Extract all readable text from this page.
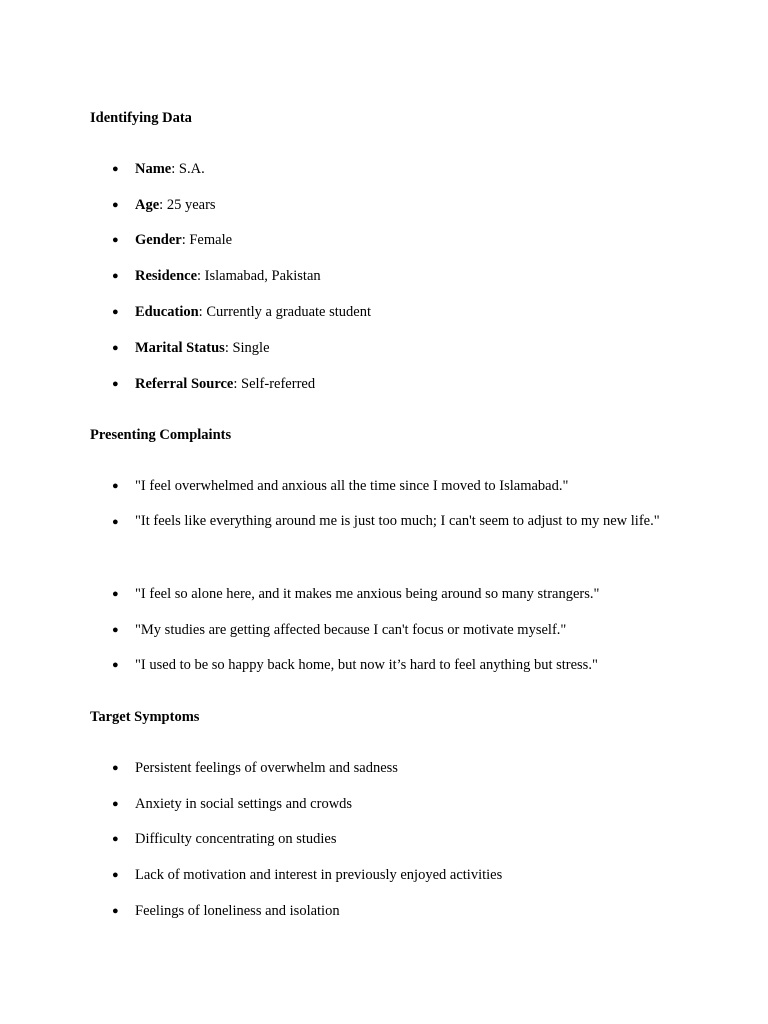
Identifying Data
●	Name: S.A.
●	Age: 25 years
●	Gender: Female
●	Residence: Islamabad, Pakistan
●	Education: Currently a graduate student
●	Marital Status: Single
●	Referral Source: Self-referred
Presenting Complaints
●	"I feel overwhelmed and anxious all the time since I moved to Islamabad."
●	"It feels like everything around me is just too much; I can't seem to adjust to my new life."
●	"I feel so alone here, and it makes me anxious being around so many strangers."
●	"My studies are getting affected because I can't focus or motivate myself."
●	"I used to be so happy back home, but now it’s hard to feel anything but stress."
Target Symptoms
●	Persistent feelings of overwhelm and sadness
●	Anxiety in social settings and crowds
●	Difficulty concentrating on studies
●	Lack of motivation and interest in previously enjoyed activities
●	Feelings of loneliness and isolation
